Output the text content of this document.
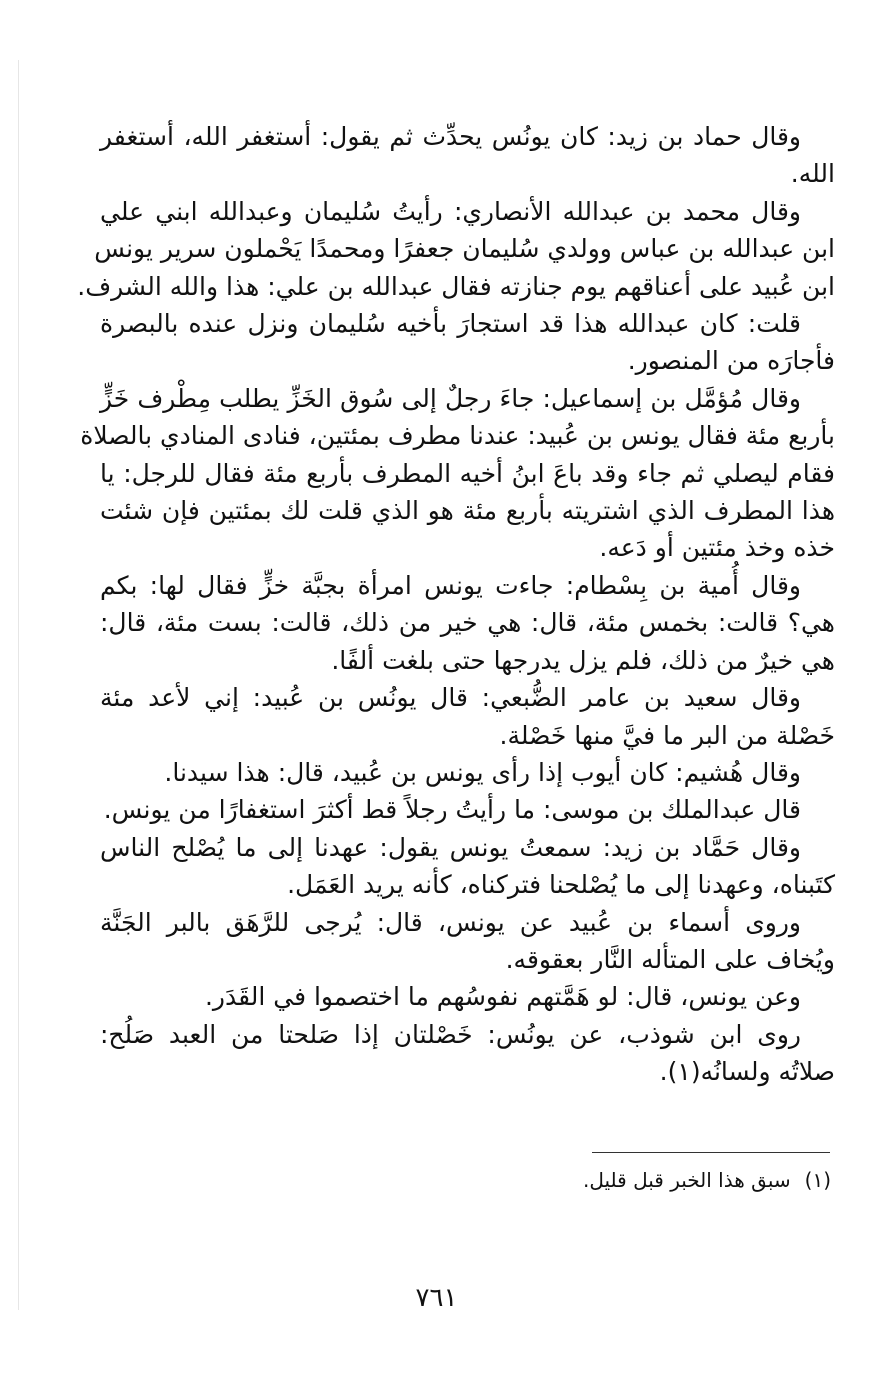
وقال حماد بن زيد: كان يونُس يحدِّث ثم يقول: أستغفر الله، أستغفر
الله.
وقال محمد بن عبدالله الأنصاري: رأيتُ سُليمان وعبدالله ابني علي
ابن عبدالله بن عباس وولدي سُليمان جعفرًا ومحمدًا يَحْملون سرير يونس
ابن عُبيد على أعناقهم يوم جنازته فقال عبدالله بن علي: هذا والله الشرف.
قلت: كان عبدالله هذا قد استجارَ بأخيه سُليمان ونزل عنده بالبصرة
فأجارَه من المنصور.
وقال مُؤمَّل بن إسماعيل: جاءَ رجلٌ إلى سُوق الخَزِّ يطلب مِطْرف خَزٍّ
بأربع مئة فقال يونس بن عُبيد: عندنا مطرف بمئتين، فنادى المنادي بالصلاة
فقام ليصلي ثم جاء وقد باعَ ابنُ أخيه المطرف بأربع مئة فقال للرجل: يا
هذا المطرف الذي اشتريته بأربع مئة هو الذي قلت لك بمئتين فإن شئت
خذه وخذ مئتين أو دَعه.
وقال أُمية بن بِسْطام: جاءت يونس امرأة بجبَّة خزٍّ فقال لها: بكم
هي؟ قالت: بخمس مئة، قال: هي خير من ذلك، قالت: بست مئة، قال:
هي خيرٌ من ذلك، فلم يزل يدرجها حتى بلغت ألفًا.
وقال سعيد بن عامر الضُّبعي: قال يونُس بن عُبيد: إني لأعد مئة
خَصْلة من البر ما فيَّ منها خَصْلة.
وقال هُشيم: كان أيوب إذا رأى يونس بن عُبيد، قال: هذا سيدنا.
قال عبدالملك بن موسى: ما رأيتُ رجلاً قط أكثرَ استغفارًا من يونس.
وقال حَمَّاد بن زيد: سمعتُ يونس يقول: عهدنا إلى ما يُصْلح الناس
كتَبناه، وعهدنا إلى ما يُصْلحنا فتركناه، كأنه يريد العَمَل.
وروى أسماء بن عُبيد عن يونس، قال: يُرجى للرَّهَق بالبر الجَنَّة
ويُخاف على المتأله النَّار بعقوقه.
وعن يونس، قال: لو هَمَّتهم نفوسُهم ما اختصموا في القَدَر.
روى ابن شوذب، عن يونُس: خَصْلتان إذا صَلحتا من العبد صَلُح:
صلاتُه ولسانُه(١).
(١)سبق هذا الخبر قبل قليل.
٧٦١
